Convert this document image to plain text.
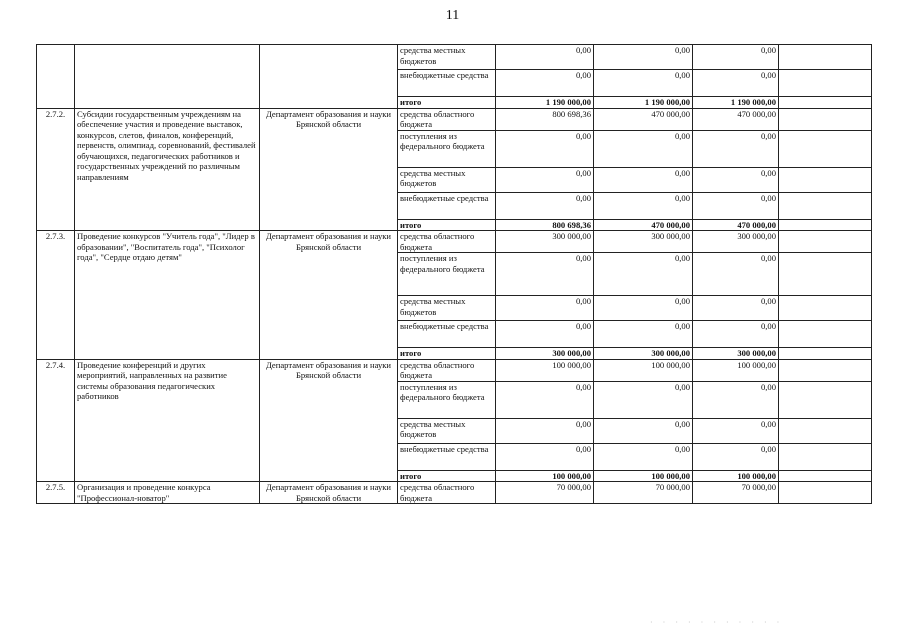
11
			средства местных бюджетов	0,00	0,00	0,00	
			внебюджетные средства	0,00	0,00	0,00	
			итого	1 190 000,00	1 190 000,00	1 190 000,00	
2.7.2.	Субсидии государственным учреждениям на обеспечение участия и проведение выставок, конкурсов, слетов, финалов, конференций, первенств, олимпиад, соревнований, фестивалей обучающихся, педагогических работников и государственных учреждений по различным направлениям	Департамент образования и науки Брянской области	средства областного бюджета	800 698,36	470 000,00	470 000,00	
			поступления из федерального бюджета	0,00	0,00	0,00	
			средства местных бюджетов	0,00	0,00	0,00	
			внебюджетные средства	0,00	0,00	0,00	
			итого	800 698,36	470 000,00	470 000,00	
2.7.3.	Проведение конкурсов "Учитель года", "Лидер в образовании", "Воспитатель года", "Психолог года", "Сердце отдаю детям"	Департамент образования и науки Брянской области	средства областного бюджета	300 000,00	300 000,00	300 000,00	
			поступления из федерального бюджета	0,00	0,00	0,00	
			средства местных бюджетов	0,00	0,00	0,00	
			внебюджетные средства	0,00	0,00	0,00	
			итого	300 000,00	300 000,00	300 000,00	
2.7.4.	Проведение конференций и других мероприятий, направленных на развитие системы образования педагогических работников	Департамент образования и науки Брянской области	средства областного бюджета	100 000,00	100 000,00	100 000,00	
			поступления из федерального бюджета	0,00	0,00	0,00	
			средства местных бюджетов	0,00	0,00	0,00	
			внебюджетные средства	0,00	0,00	0,00	
			итого	100 000,00	100 000,00	100 000,00	
2.7.5.	Организация и проведение конкурса "Профессионал-новатор"	Департамент образования и науки Брянской области	средства областного бюджета	70 000,00	70 000,00	70 000,00	
· · · · · · · · · · ·
